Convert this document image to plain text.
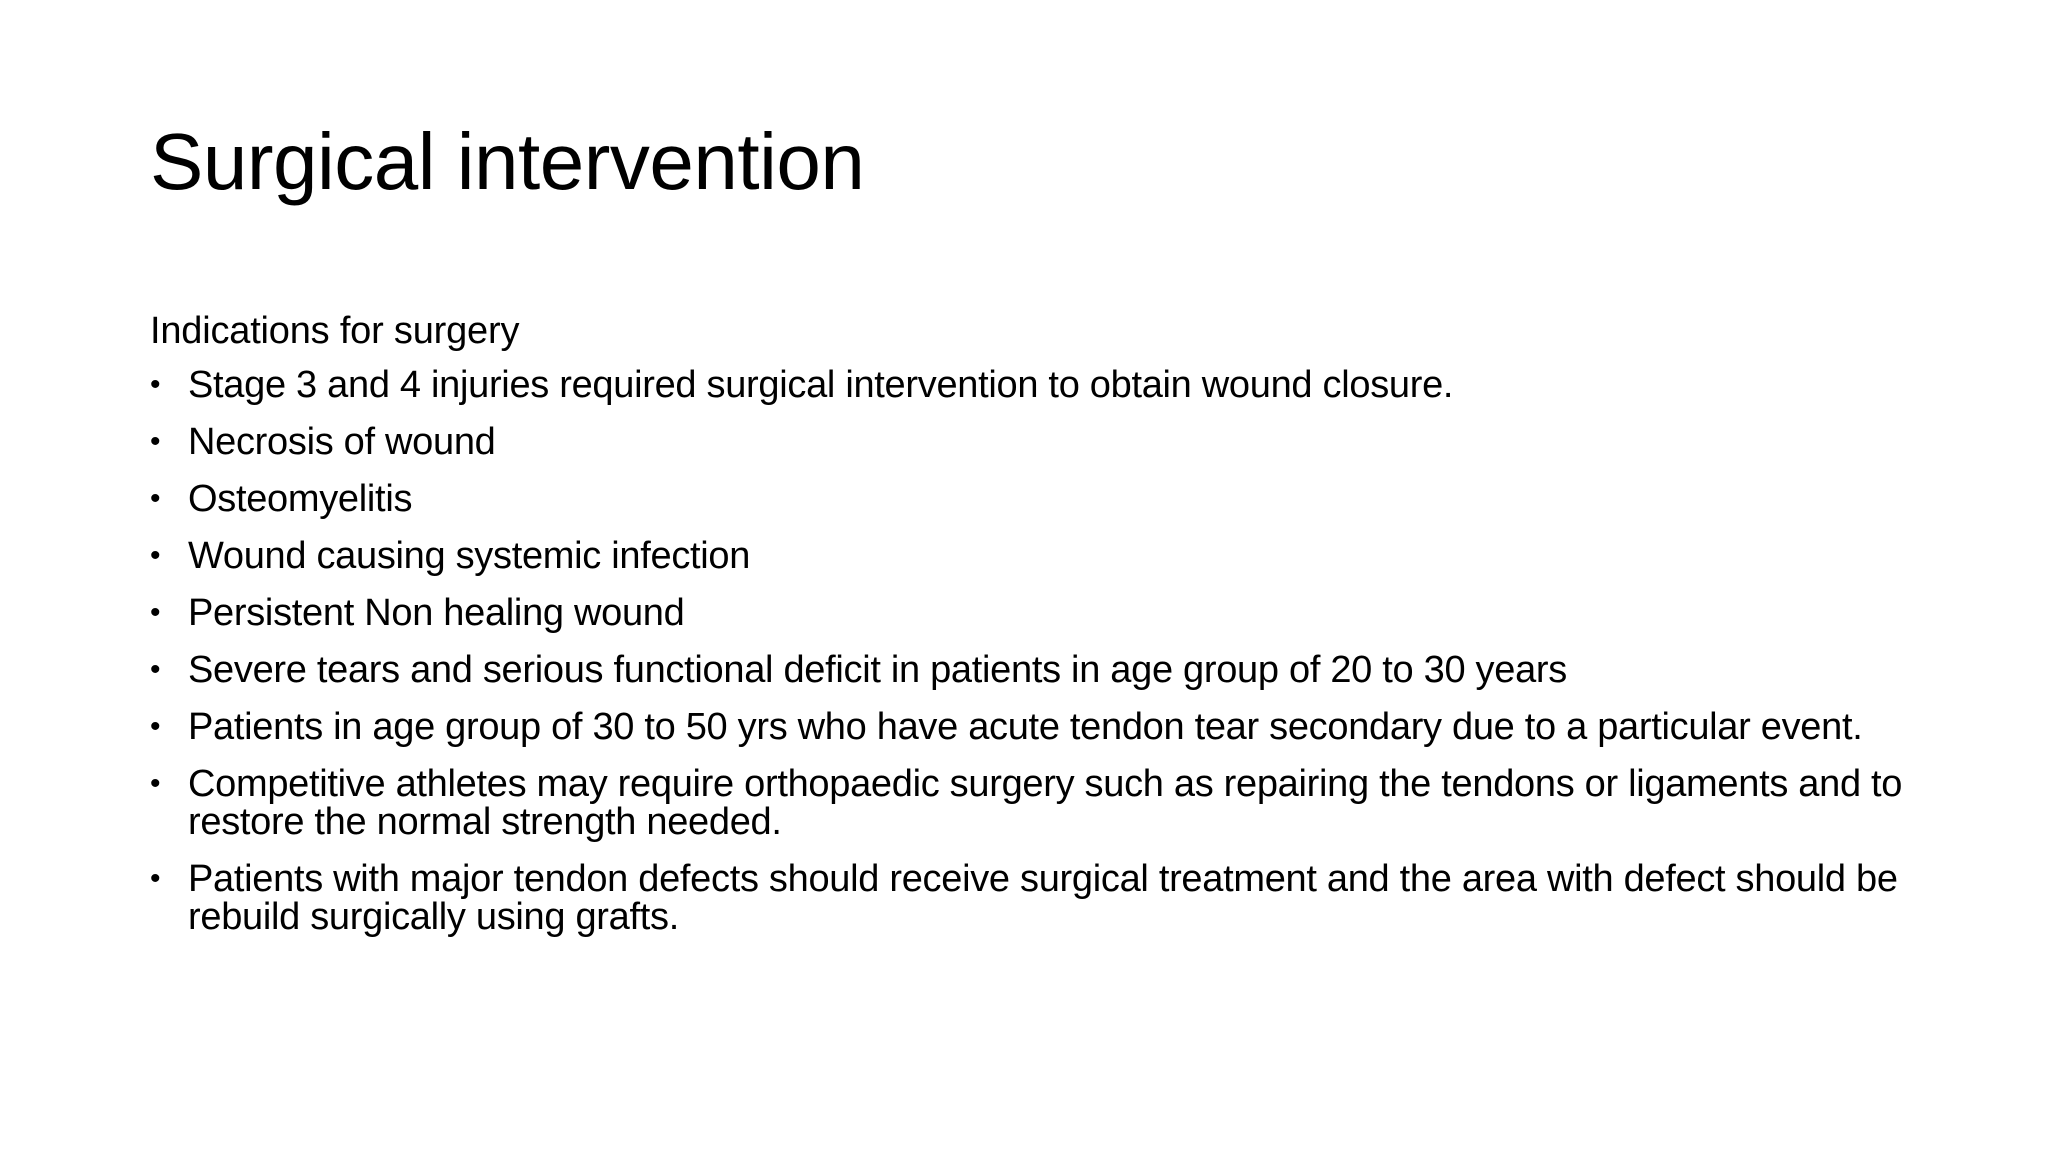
Surgical intervention
Indications for surgery
• Stage 3 and 4 injuries required surgical intervention to obtain wound closure.
• Necrosis of wound
• Osteomyelitis
• Wound causing systemic infection
• Persistent Non healing wound
• Severe tears and serious functional deficit in patients in age group of 20 to 30 years
• Patients in age group of 30 to 50 yrs who have acute tendon tear secondary due to a particular event.
• Competitive athletes may require orthopaedic surgery such as repairing the tendons or ligaments and to restore the normal strength needed.
• Patients with major tendon defects should receive surgical treatment and the area with defect should be rebuild surgically using grafts.
